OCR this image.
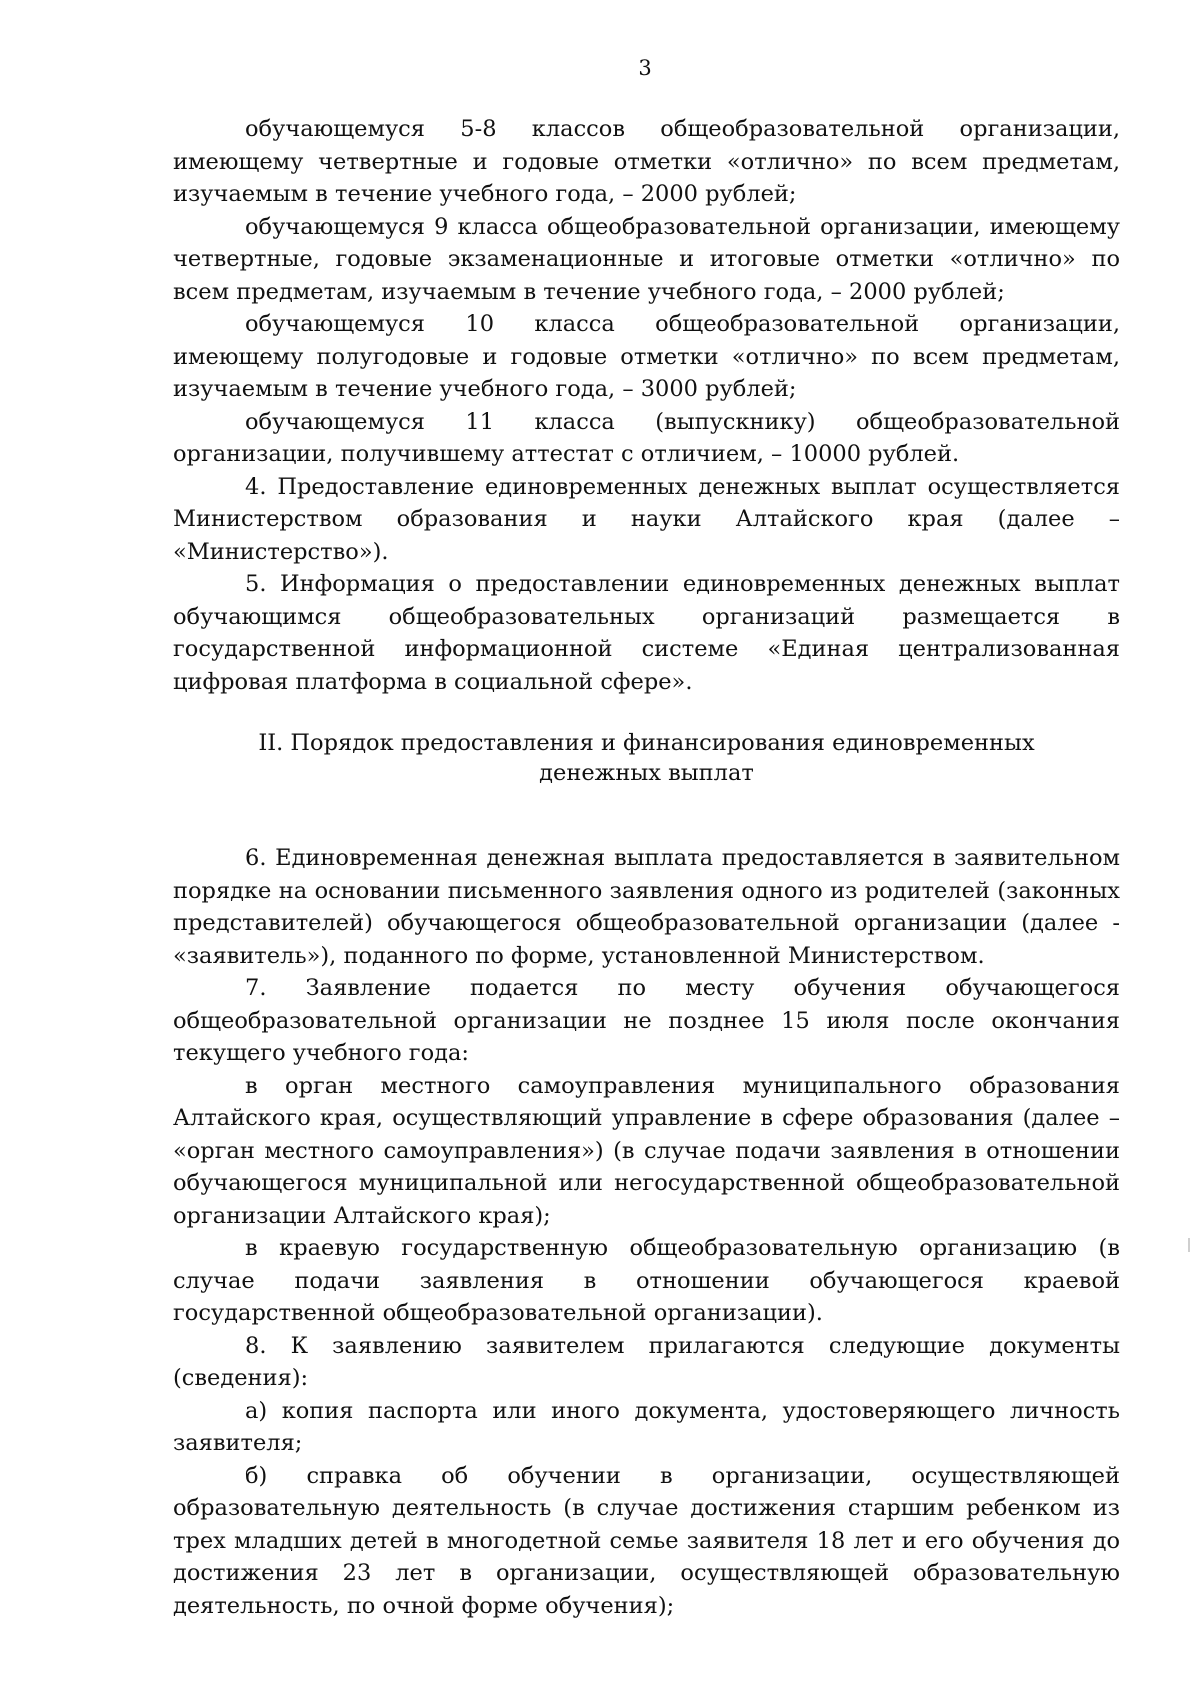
3

обучающемуся 5-8 классов общеобразовательной организации, имеющему четвертные и годовые отметки «отлично» по всем предметам, изучаемым в течение учебного года, – 2000 рублей;

обучающемуся 9 класса общеобразовательной организации, имеющему четвертные, годовые экзаменационные и итоговые отметки «отлично» по всем предметам, изучаемым в течение учебного года, – 2000 рублей;

обучающемуся 10 класса общеобразовательной организации, имеющему полугодовые и годовые отметки «отлично» по всем предметам, изучаемым в течение учебного года, – 3000 рублей;

обучающемуся 11 класса (выпускнику) общеобразовательной организации, получившему аттестат с отличием, – 10000 рублей.

4. Предоставление единовременных денежных выплат осуществляется Министерством образования и науки Алтайского края (далее – «Министерство»).

5. Информация о предоставлении единовременных денежных выплат обучающимся общеобразовательных организаций размещается в государственной информационной системе «Единая централизованная цифровая платформа в социальной сфере».

II. Порядок предоставления и финансирования единовременных
денежных выплат

6. Единовременная денежная выплата предоставляется в заявительном порядке на основании письменного заявления одного из родителей (законных представителей) обучающегося общеобразовательной организации (далее - «заявитель»), поданного по форме, установленной Министерством.

7. Заявление подается по месту обучения обучающегося общеобразовательной организации не позднее 15 июля после окончания текущего учебного года:

в орган местного самоуправления муниципального образования Алтайского края, осуществляющий управление в сфере образования (далее – «орган местного самоуправления») (в случае подачи заявления в отношении обучающегося муниципальной или негосударственной общеобразовательной организации Алтайского края);

в краевую государственную общеобразовательную организацию (в случае подачи заявления в отношении обучающегося краевой государственной общеобразовательной организации).

8. К заявлению заявителем прилагаются следующие документы (сведения):

а) копия паспорта или иного документа, удостоверяющего личность заявителя;

б) справка об обучении в организации, осуществляющей образовательную деятельность (в случае достижения старшим ребенком из трех младших детей в многодетной семье заявителя 18 лет и его обучения до достижения 23 лет в организации, осуществляющей образовательную деятельность, по очной форме обучения);
